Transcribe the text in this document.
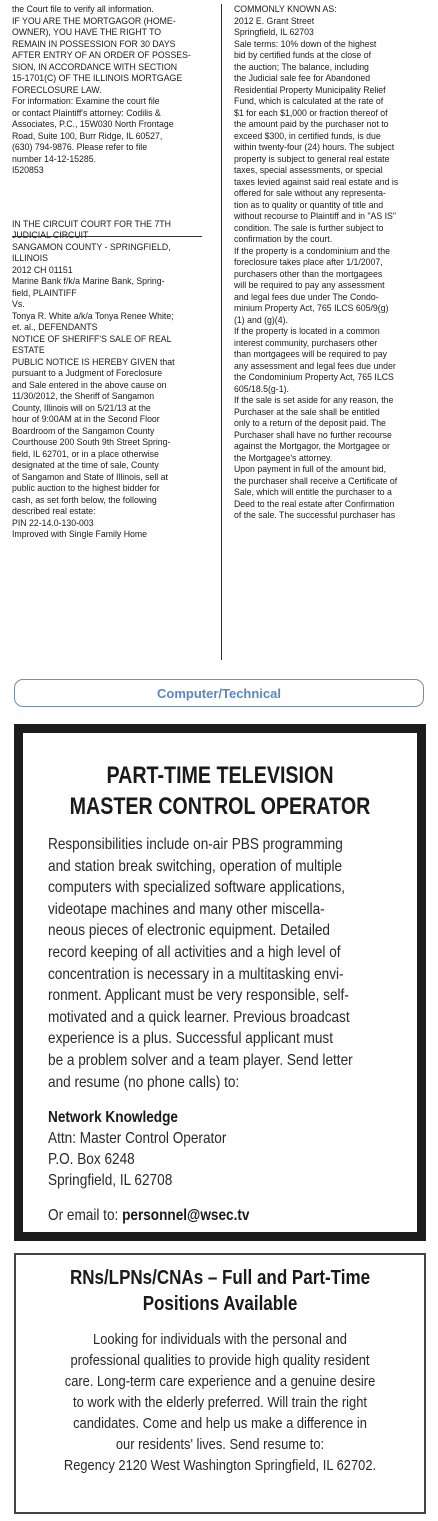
the Court file to verify all information.
IF YOU ARE THE MORTGAGOR (HOME-
OWNER), YOU HAVE THE RIGHT TO
REMAIN IN POSSESSION FOR 30 DAYS
AFTER ENTRY OF AN ORDER OF POSSES-
SION, IN ACCORDANCE WITH SECTION
15-1701(C) OF THE ILLINOIS MORTGAGE
FORECLOSURE LAW.
For information: Examine the court file
or contact Plaintiff's attorney: Codilis &
Associates, P.C., 15W030 North Frontage
Road, Suite 100, Burr Ridge, IL 60527,
(630) 794-9876. Please refer to file
number 14-12-15285.
I520853
IN THE CIRCUIT COURT FOR THE 7TH
JUDICIAL CIRCUIT
SANGAMON COUNTY - SPRINGFIELD,
ILLINOIS
2012 CH 01151
Marine Bank f/k/a Marine Bank, Spring-
field, PLAINTIFF
Vs.
Tonya R. White a/k/a Tonya Renee White;
et. al., DEFENDANTS
NOTICE OF SHERIFF'S SALE OF REAL
ESTATE
PUBLIC NOTICE IS HEREBY GIVEN that
pursuant to a Judgment of Foreclosure
and Sale entered in the above cause on
11/30/2012, the Sheriff of Sangamon
County, Illinois will on 5/21/13 at the
hour of 9:00AM at in the Second Floor
Boardroom of the Sangamon County
Courthouse 200 South 9th Street Spring-
field, IL 62701, or in a place otherwise
designated at the time of sale, County
of Sangamon and State of Illinois, sell at
public auction to the highest bidder for
cash, as set forth below, the following
described real estate:
PIN 22-14.0-130-003
Improved with Single Family Home
COMMONLY KNOWN AS:
2012 E. Grant Street
Springfield, IL 62703
Sale terms: 10% down of the highest
bid by certified funds at the close of
the auction; The balance, including
the Judicial sale fee for Abandoned
Residential Property Municipality Relief
Fund, which is calculated at the rate of
$1 for each $1,000 or fraction thereof of
the amount paid by the purchaser not to
exceed $300, in certified funds, is due
within twenty-four (24) hours. The subject
property is subject to general real estate
taxes, special assessments, or special
taxes levied against said real estate and is
offered for sale without any representa-
tion as to quality or quantity of title and
without recourse to Plaintiff and in "AS IS"
condition. The sale is further subject to
confirmation by the court.
If the property is a condominium and the
foreclosure takes place after 1/1/2007,
purchasers other than the mortgagees
will be required to pay any assessment
and legal fees due under The Condo-
minium Property Act, 765 ILCS 605/9(g)
(1) and (g)(4).
If the property is located in a common
interest community, purchasers other
than mortgagees will be required to pay
any assessment and legal fees due under
the Condominium Property Act, 765 ILCS
605/18.5(g-1).
If the sale is set aside for any reason, the
Purchaser at the sale shall be entitled
only to a return of the deposit paid. The
Purchaser shall have no further recourse
against the Mortgagor, the Mortgagee or
the Mortgagee's attorney.
Upon payment in full of the amount bid,
the purchaser shall receive a Certificate of
Sale, which will entitle the purchaser to a
Deed to the real estate after Confirmation
of the sale. The successful purchaser has
Computer/Technical
PART-TIME TELEVISION
MASTER CONTROL OPERATOR
Responsibilities include on-air PBS programming
and station break switching, operation of multiple
computers with specialized software applications,
videotape machines and many other miscella-
neous pieces of electronic equipment. Detailed
record keeping of all activities and a high level of
concentration is necessary in a multitasking envi-
ronment. Applicant must be very responsible, self-
motivated and a quick learner. Previous broadcast
experience is a plus. Successful applicant must
be a problem solver and a team player. Send letter
and resume (no phone calls) to:
Network Knowledge
Attn: Master Control Operator
P.O. Box 6248
Springfield, IL 62708
Or email to: personnel@wsec.tv
RNs/LPNs/CNAs – Full and Part-Time
Positions Available
Looking for individuals with the personal and
professional qualities to provide high quality resident
care. Long-term care experience and a genuine desire
to work with the elderly preferred. Will train the right
candidates. Come and help us make a difference in
our residents' lives. Send resume to:
Regency 2120 West Washington Springfield, IL 62702.
